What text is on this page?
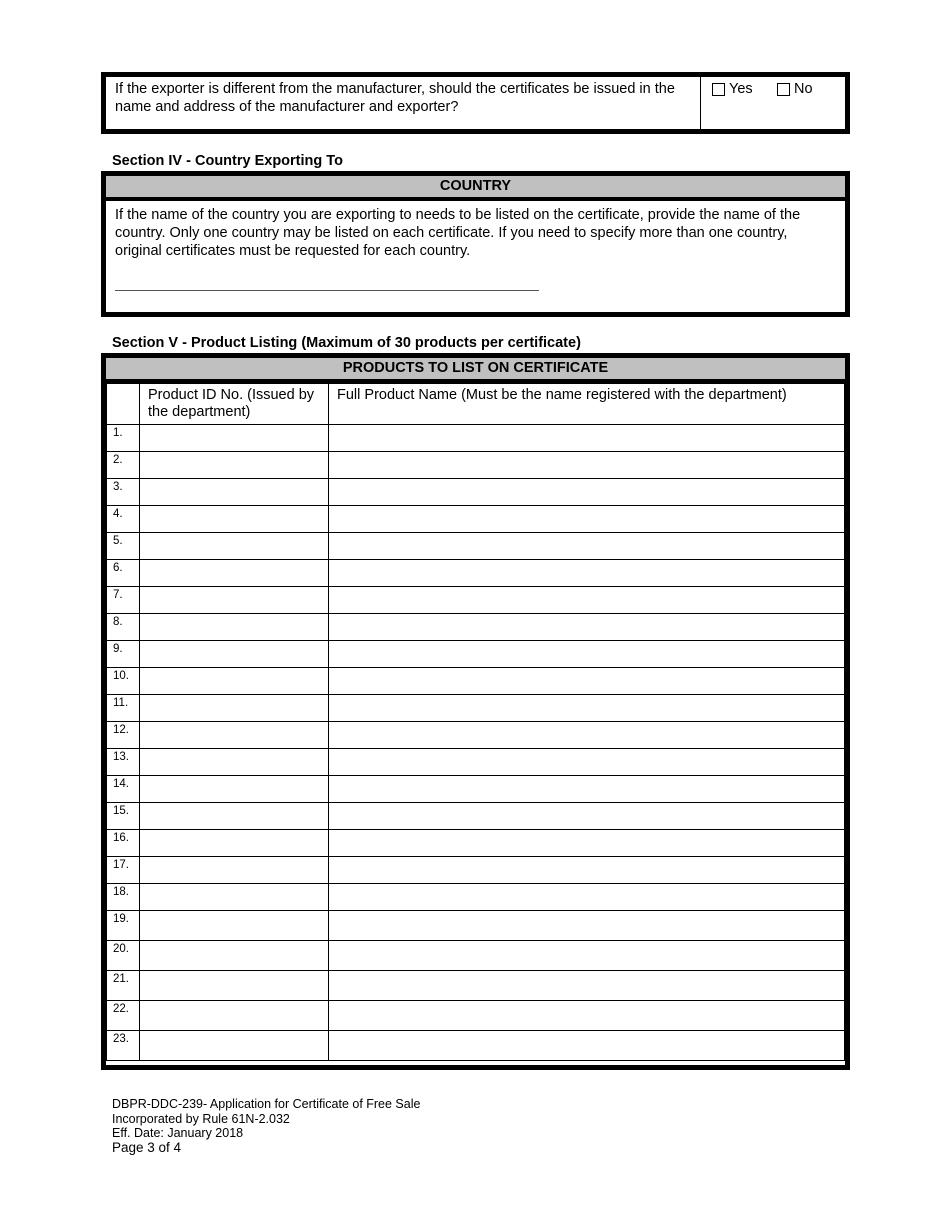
If the exporter is different from the manufacturer, should the certificates be issued in the name and address of the manufacturer and exporter?
Yes	No
Section IV - Country Exporting To
COUNTRY
If the name of the country you are exporting to needs to be listed on the certificate, provide the name of the country. Only one country may be listed on each certificate. If you need to specify more than one country, original certificates must be requested for each country.
Section V - Product Listing (Maximum of 30 products per certificate)
PRODUCTS TO LIST ON CERTIFICATE
	Product ID No. (Issued by the department)	Full Product Name (Must be the name registered with the department)
1.		
2.		
3.		
4.		
5.		
6.		
7.		
8.		
9.		
10.		
11.		
12.		
13.		
14.		
15.		
16.		
17.		
18.		
19.		
20.		
21.		
22.		
23.		
DBPR-DDC-239- Application for Certificate of Free Sale
Incorporated by Rule 61N-2.032
Eff. Date: January 2018
Page 3 of 4
